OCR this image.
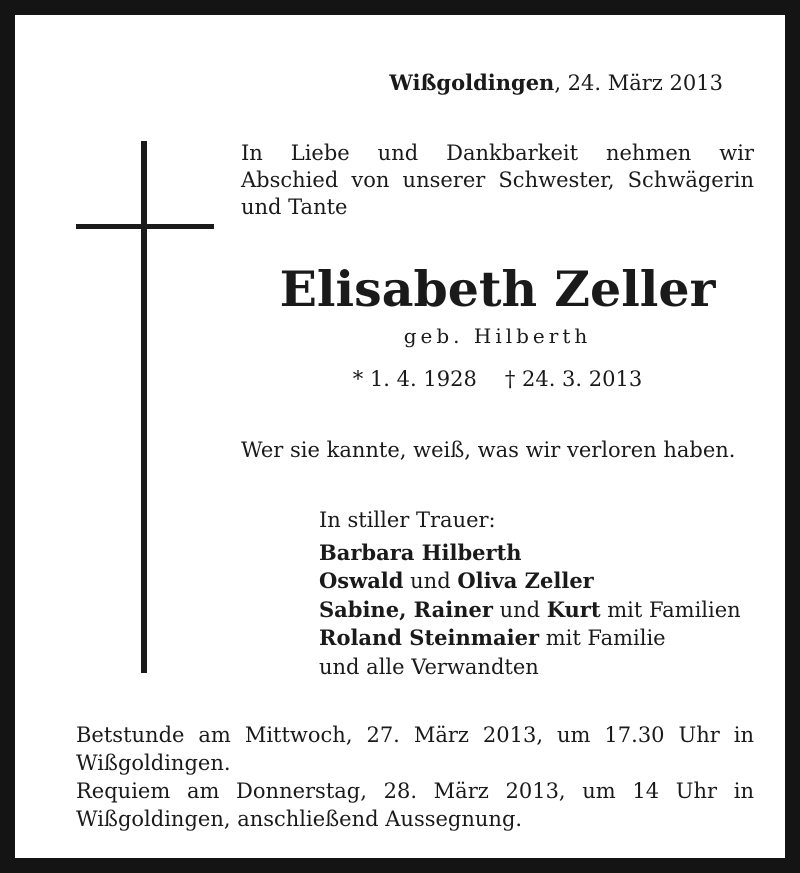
Wißgoldingen, 24. März 2013
In Liebe und Dankbarkeit nehmen wir
Abschied von unserer Schwester, Schwägerin
und Tante
Elisabeth Zeller
geb. Hilberth
* 1. 4. 1928 † 24. 3. 2013
Wer sie kannte, weiß, was wir verloren haben.
In stiller Trauer:
Barbara Hilberth
Oswald und Oliva Zeller
Sabine, Rainer und Kurt mit Familien
Roland Steinmaier mit Familie
und alle Verwandten
Betstunde am Mittwoch, 27. März 2013, um 17.30 Uhr in
Wißgoldingen.
Requiem am Donnerstag, 28. März 2013, um 14 Uhr in
Wißgoldingen, anschließend Aussegnung.
